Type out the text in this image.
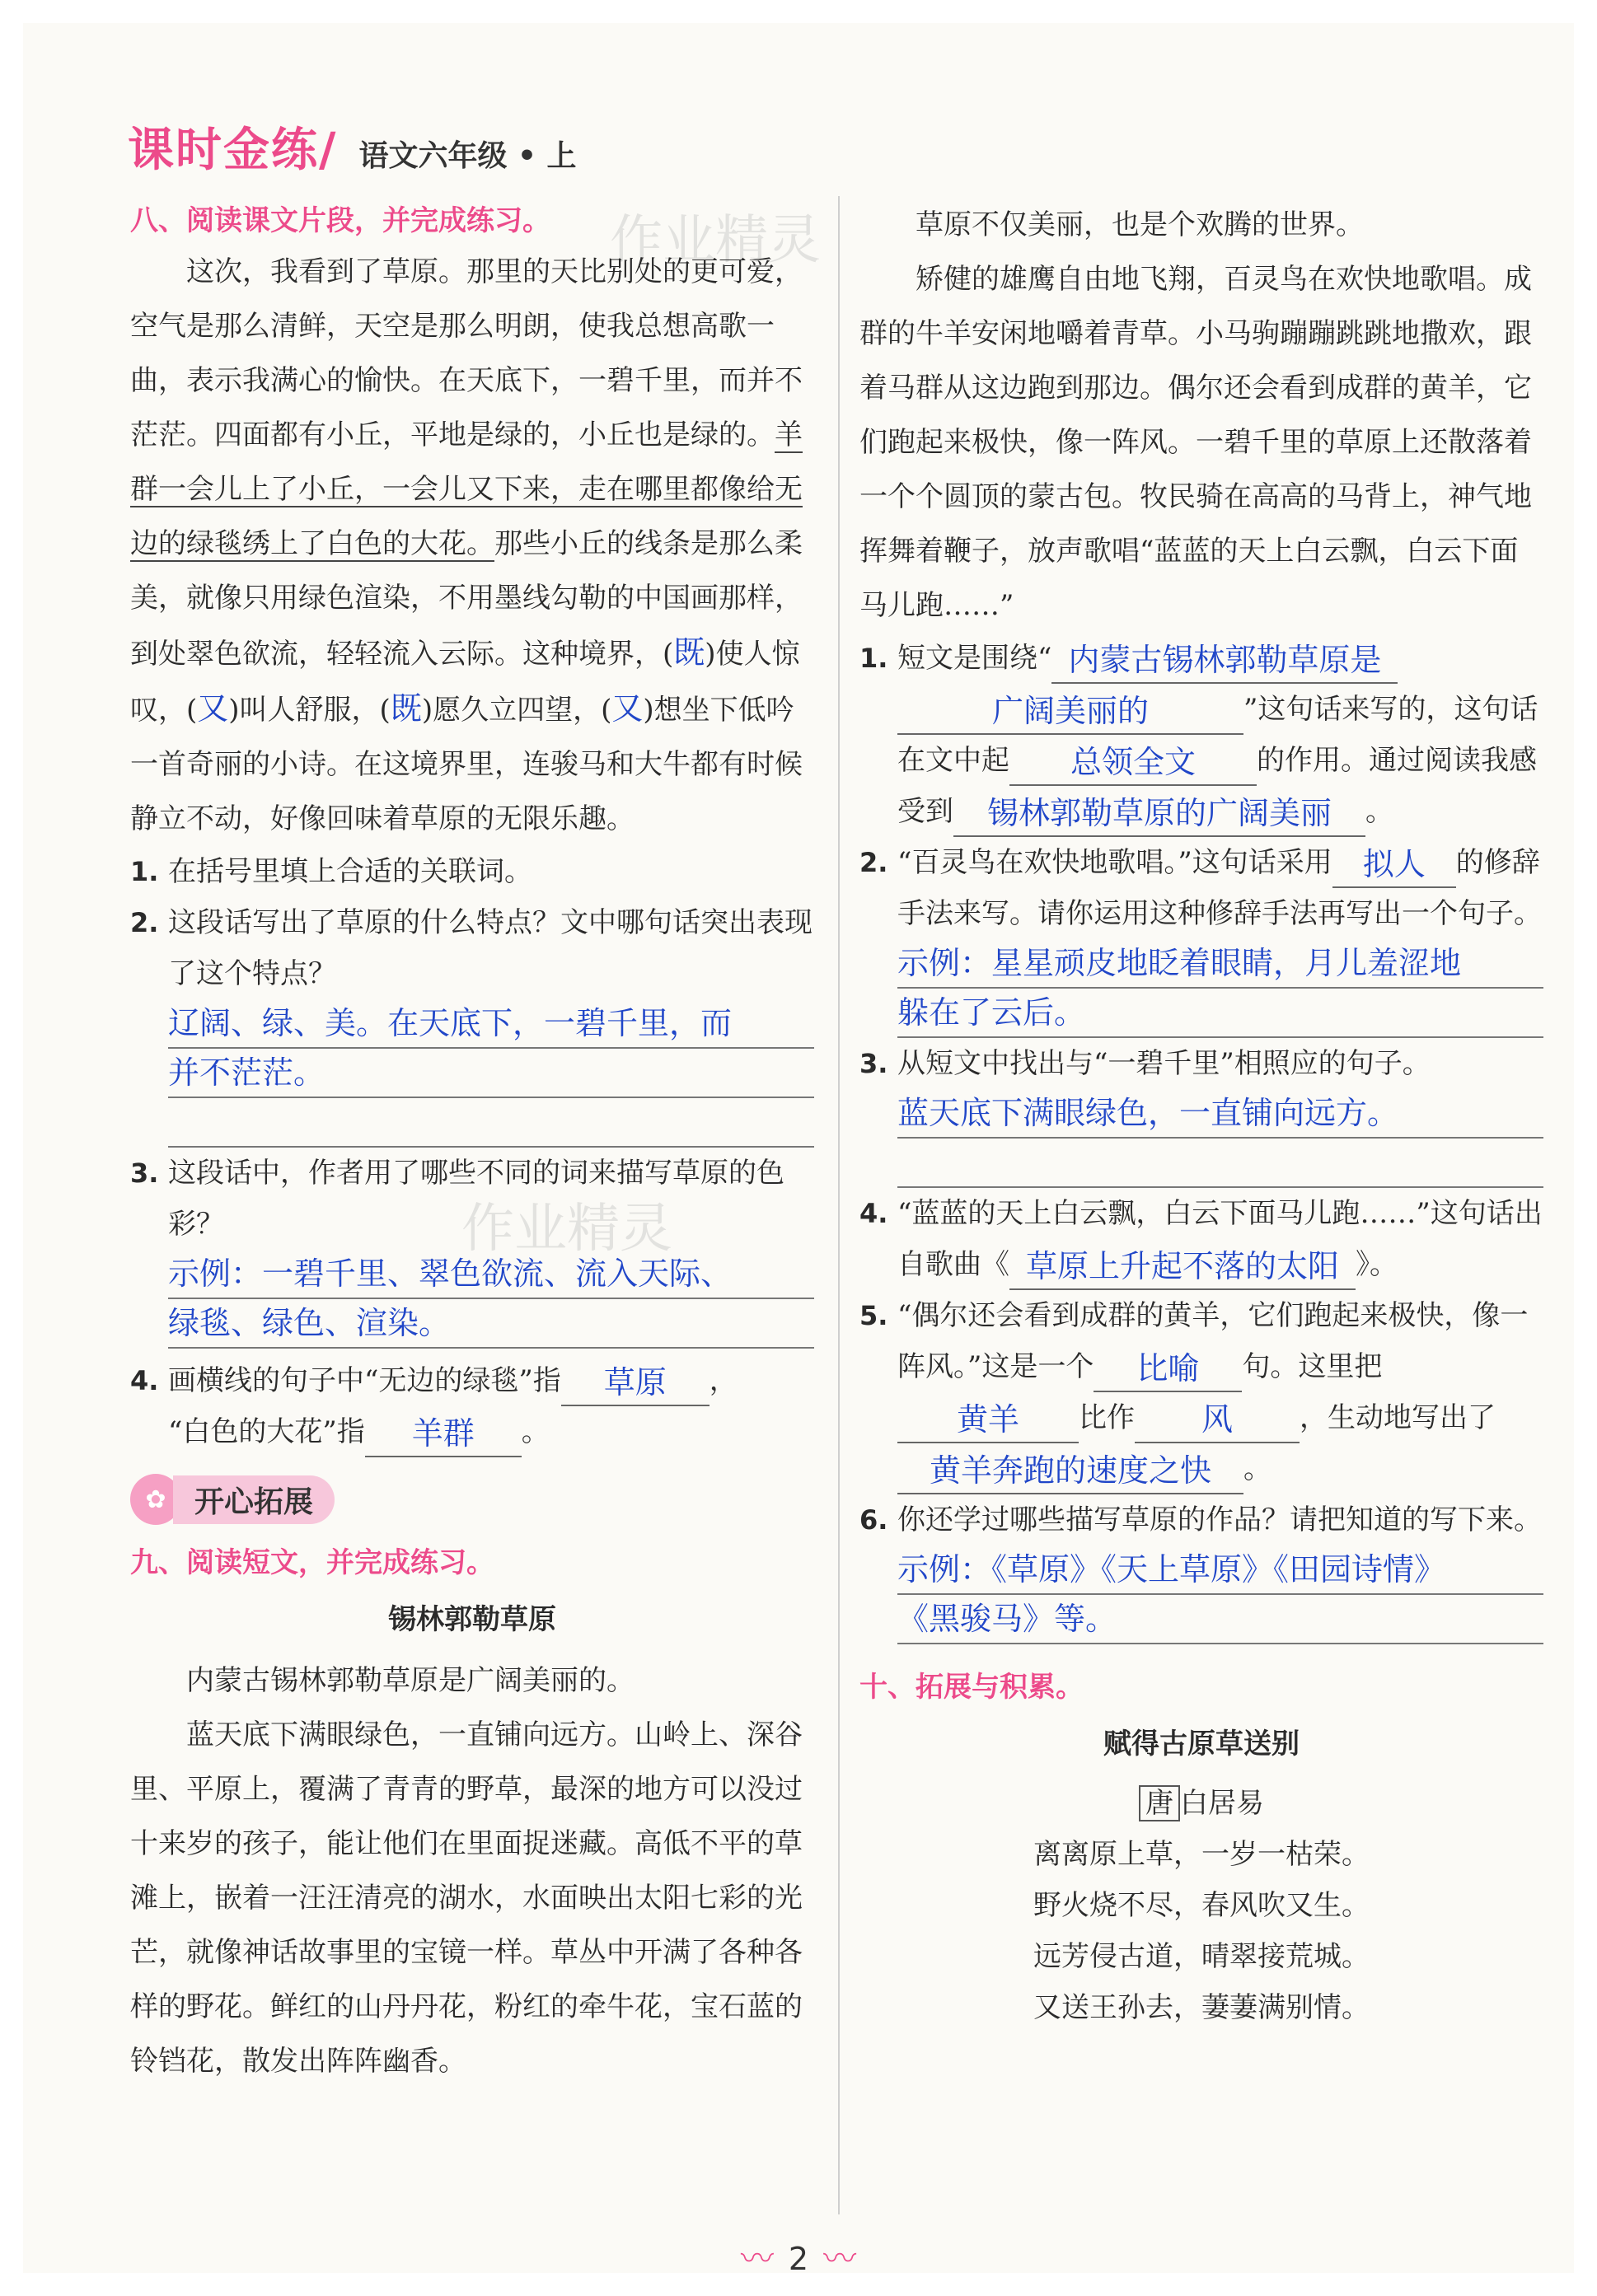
课时金练 / 语文六年级 • 上
作业精灵
作业精灵

八、阅读课文片段，并完成练习。

这次，我看到了草原。那里的天比别处的更可爱，空气是那么清鲜，天空是那么明朗，使我总想高歌一曲，表示我满心的愉快。在天底下，一碧千里，而并不茫茫。四面都有小丘，平地是绿的，小丘也是绿的。羊群一会儿上了小丘，一会儿又下来，走在哪里都像给无边的绿毯绣上了白色的大花。那些小丘的线条是那么柔美，就像只用绿色渲染，不用墨线勾勒的中国画那样，到处翠色欲流，轻轻流入云际。这种境界，(既)使人惊叹，(又)叫人舒服，(既)愿久立四望，(又)想坐下低吟一首奇丽的小诗。在这境界里，连骏马和大牛都有时候静立不动，好像回味着草原的无限乐趣。

1. 在括号里填上合适的关联词。
2. 这段话写出了草原的什么特点？文中哪句话突出表现了这个特点？
辽阔、绿、美。在天底下，一碧千里，而
并不茫茫。
3. 这段话中，作者用了哪些不同的词来描写草原的色彩？
示例：一碧千里、翠色欲流、流入天际、
绿毯、绿色、渲染。
4. 画横线的句子中“无边的绿毯”指 草原 ，
“白色的大花”指 羊群 。
✿ 开心拓展

九、阅读短文，并完成练习。

锡林郭勒草原

内蒙古锡林郭勒草原是广阔美丽的。

蓝天底下满眼绿色，一直铺向远方。山岭上、深谷里、平原上，覆满了青青的野草，最深的地方可以没过十来岁的孩子，能让他们在里面捉迷藏。高低不平的草滩上，嵌着一汪汪清亮的湖水，水面映出太阳七彩的光芒，就像神话故事里的宝镜一样。草丛中开满了各种各样的野花。鲜红的山丹丹花，粉红的牵牛花，宝石蓝的铃铛花，散发出阵阵幽香。

草原不仅美丽，也是个欢腾的世界。

矫健的雄鹰自由地飞翔，百灵鸟在欢快地歌唱。成群的牛羊安闲地嚼着青草。小马驹蹦蹦跳跳地撒欢，跟着马群从这边跑到那边。偶尔还会看到成群的黄羊，它们跑起来极快，像一阵风。一碧千里的草原上还散落着一个个圆顶的蒙古包。牧民骑在高高的马背上，神气地挥舞着鞭子，放声歌唱“蓝蓝的天上白云飘，白云下面马儿跑……”

1. 短文是围绕“ 内蒙古锡林郭勒草原是
广阔美丽的	”这句话来写的，这句话在文中起 总领全文 的作用。通过阅读我感受到 锡林郭勒草原的广阔美丽 。
2. “百灵鸟在欢快地歌唱。”这句话采用 拟人 的修辞手法来写。请你运用这种修辞手法再写出一个句子。
示例：星星顽皮地眨着眼睛，月儿羞涩地
躲在了云后。
3. 从短文中找出与“一碧千里”相照应的句子。
蓝天底下满眼绿色，一直铺向远方。
4. “蓝蓝的天上白云飘，白云下面马儿跑……”这句话出自歌曲《 草原上升起不落的太阳 》。
5. “偶尔还会看到成群的黄羊，它们跑起来极快，像一阵风。”这是一个 比喻 句。这里把
黄羊 比作 风 ，生动地写出了黄羊奔跑的速度之快 。
6. 你还学过哪些描写草原的作品？请把知道的写下来。
示例：《草原》《天上草原》《田园诗情》
《黑骏马》等。

十、拓展与积累。

赋得古原草送别

唐 白居易

离离原上草，一岁一枯荣。

野火烧不尽，春风吹又生。

远芳侵古道，晴翠接荒城。

又送王孙去，萋萋满别情。

〰 2 〰
